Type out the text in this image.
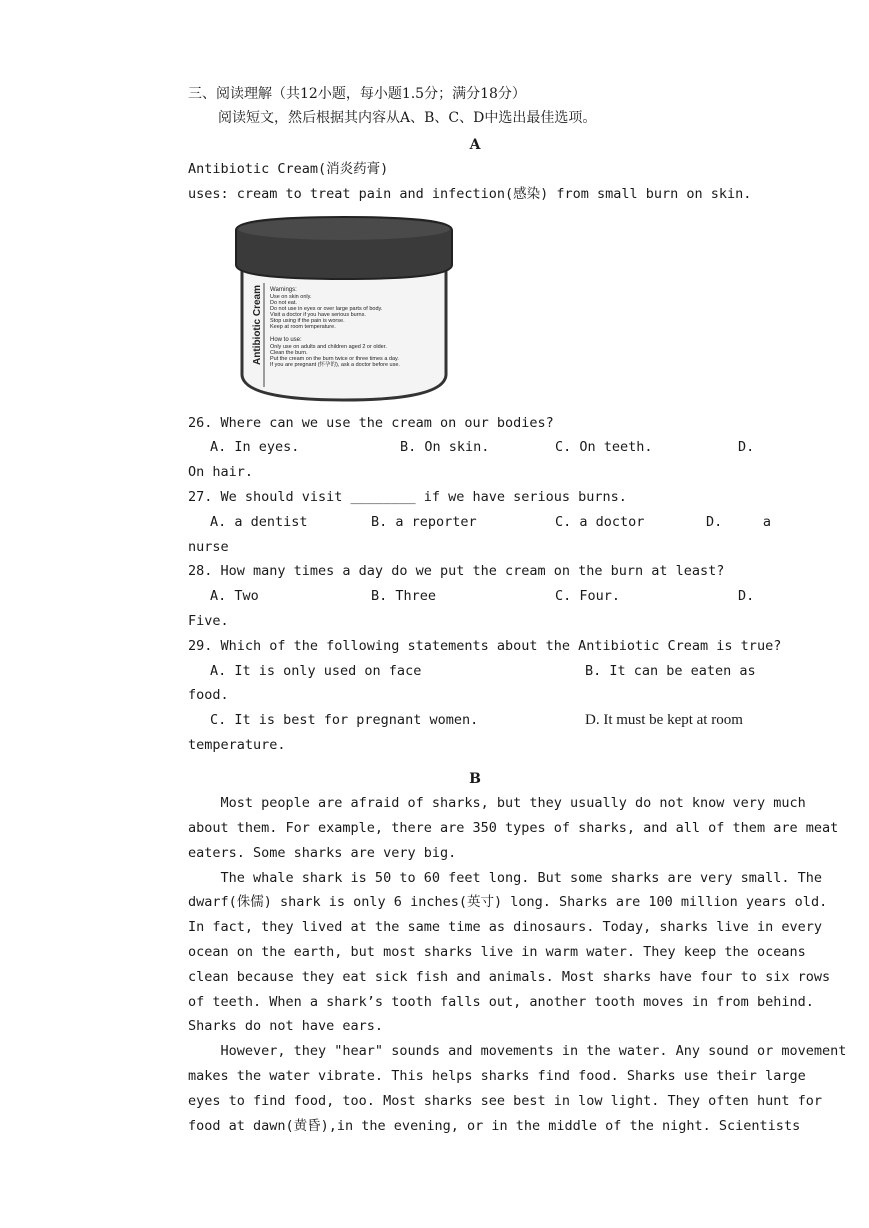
三、阅读理解（共12小题，每小题1.5分；满分18分）
阅读短文，然后根据其内容从A、B、C、D中选出最佳选项。
A
Antibiotic Cream(消炎药膏)
uses: cream to treat pain and infection(感染) from small burn on skin.
Antibiotic Cream Warnings:
Use on skin only.
Do not eat.
Do not use in eyes or over large parts of body.
Visit a doctor if you have serious burns.
Stop using if the pain is worse.
Keep at room temperature.
How to use:
Only use on adults and children aged 2 or older.
Clean the burn.
Put the cream on the burn twice or three times a day.
If you are pregnant (怀孕的), ask a doctor before use.
26. Where can we use the cream on our bodies?
A. In eyes.	B. On skin.	C. On teeth.	D.
On hair.
27. We should visit ________ if we have serious burns.
A. a dentist	B. a reporter	C. a doctor	D.     a
nurse
28. How many times a day do we put the cream on the burn at least?
A. Two	B. Three	C. Four.	D.
Five.
29. Which of the following statements about the Antibiotic Cream is true?
A. It is only used on face	B. It can be eaten as
food.
C. It is best for pregnant women.	D. It must be kept at room
temperature.
B
Most people are afraid of sharks, but they usually do not know very much
about them. For example, there are 350 types of sharks, and all of them are meat
eaters. Some sharks are very big.
The whale shark is 50 to 60 feet long. But some sharks are very small. The
dwarf(侏儒) shark is only 6 inches(英寸) long. Sharks are 100 million years old.
In fact, they lived at the same time as dinosaurs. Today, sharks live in every
ocean on the earth, but most sharks live in warm water. They keep the oceans
clean because they eat sick fish and animals. Most sharks have four to six rows
of teeth. When a shark’s tooth falls out, another tooth moves in from behind.
Sharks do not have ears.
However, they "hear" sounds and movements in the water. Any sound or movement
makes the water vibrate. This helps sharks find food. Sharks use their large
eyes to find food, too. Most sharks see best in low light. They often hunt for
food at dawn(黄昏),in the evening, or in the middle of the night. Scientists
